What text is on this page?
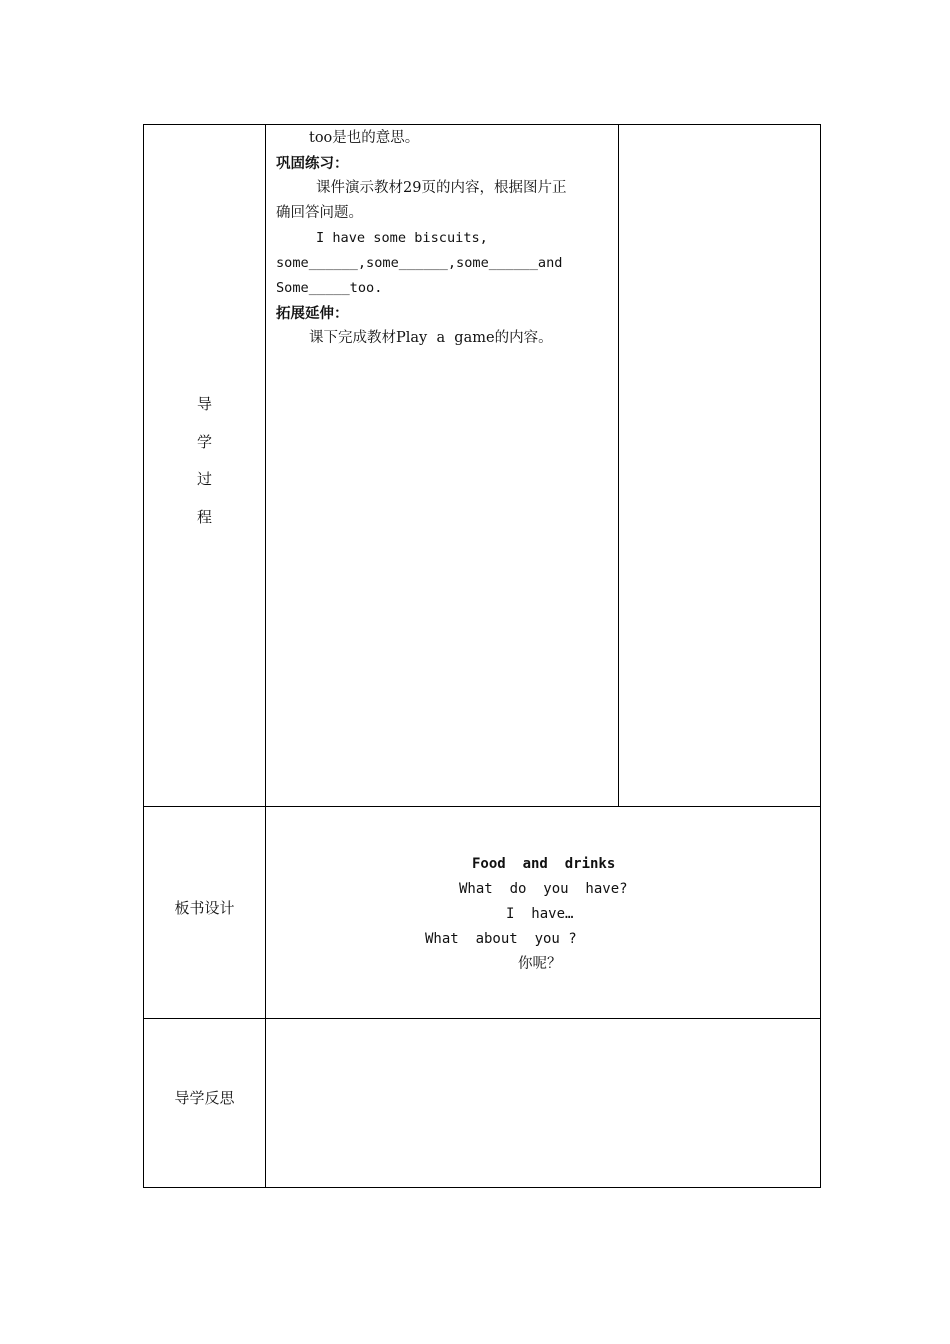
导
学
过
程

too是也的意思。

巩固练习：

课件演示教材29页的内容，根据图片正

确回答问题。

I have some biscuits,

some______,some______,some______and

Some_____too.

拓展延伸：

课下完成教材Play  a  game的内容。

板书设计
Food  and  drinks
What  do  you  have?
I  have…
What  about  you ?
你呢？
导学反思
